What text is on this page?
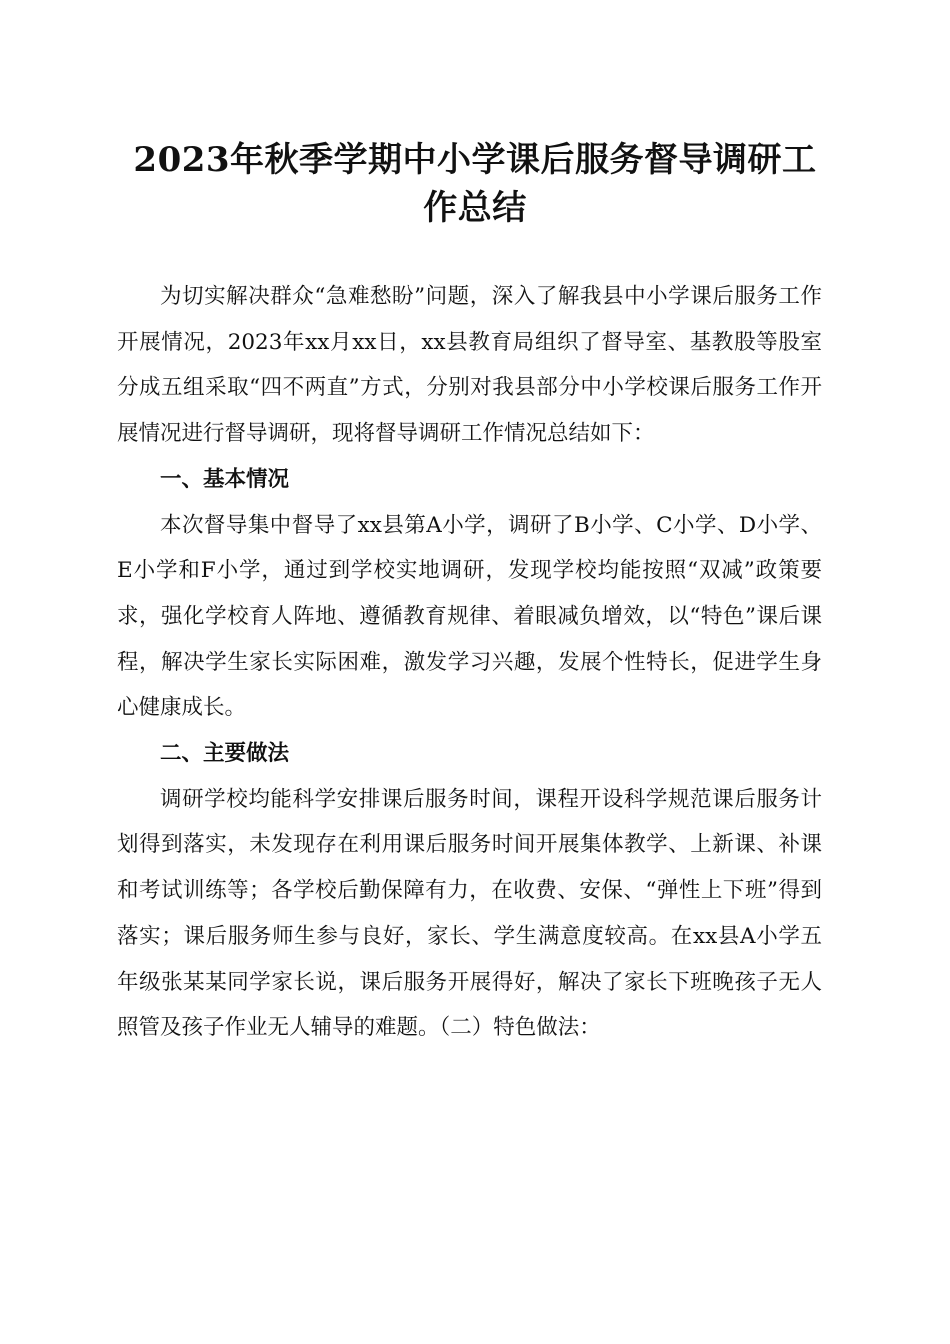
2023年秋季学期中小学课后服务督导调研工作总结

为切实解决群众“急难愁盼”问题，深入了解我县中小学课后服务工作开展情况，2023年xx月xx日，xx县教育局组织了督导室、基教股等股室分成五组采取“四不两直”方式，分别对我县部分中小学校课后服务工作开展情况进行督导调研，现将督导调研工作情况总结如下：

一、基本情况

本次督导集中督导了xx县第A小学，调研了B小学、C小学、D小学、E小学和F小学，通过到学校实地调研，发现学校均能按照“双减”政策要求，强化学校育人阵地、遵循教育规律、着眼减负增效，以“特色”课后课程，解决学生家长实际困难，激发学习兴趣，发展个性特长，促进学生身心健康成长。

二、主要做法

调研学校均能科学安排课后服务时间，课程开设科学规范课后服务计划得到落实，未发现存在利用课后服务时间开展集体教学、上新课、补课和考试训练等；各学校后勤保障有力，在收费、安保、“弹性上下班”得到落实；课后服务师生参与良好，家长、学生满意度较高。在xx县A小学五年级张某某同学家长说，课后服务开展得好，解决了家长下班晚孩子无人照管及孩子作业无人辅导的难题。（二）特色做法：
